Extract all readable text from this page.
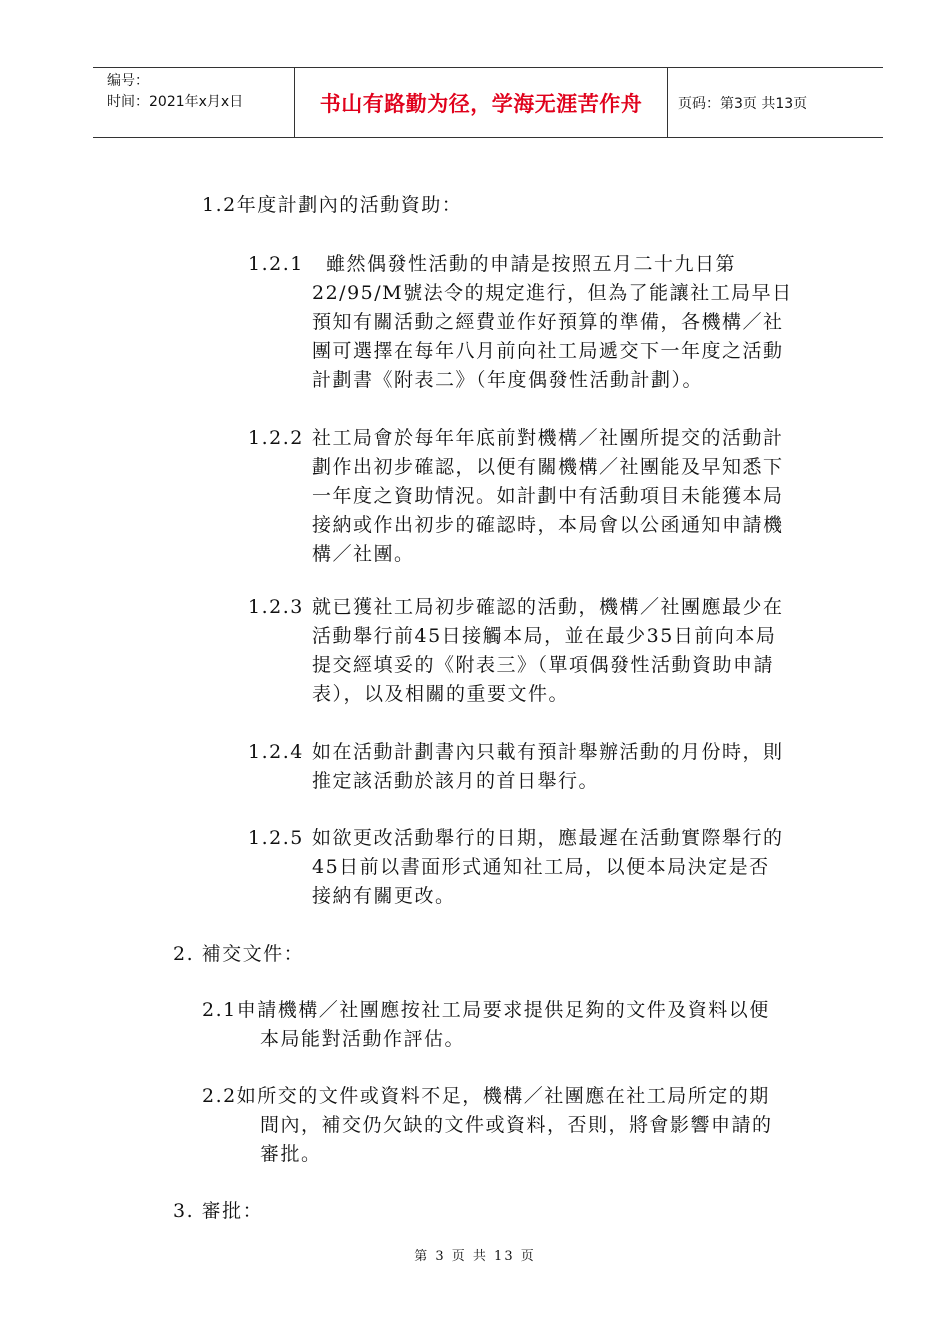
编号：
时间：2021年x月x日	书山有路勤为径，学海无涯苦作舟	页码：第3页 共13页
1.2年度計劃內的活動資助：
1.2.1 雖然偶發性活動的申請是按照五月二十九日第
22/95/M號法令的規定進行，但為了能讓社工局早日
預知有關活動之經費並作好預算的準備，各機構／社
團可選擇在每年八月前向社工局遞交下一年度之活動
計劃書《附表二》（年度偶發性活動計劃）。
1.2.2 社工局會於每年年底前對機構／社團所提交的活動計
劃作出初步確認，以便有關機構／社團能及早知悉下
一年度之資助情況。如計劃中有活動項目未能獲本局
接納或作出初步的確認時，本局會以公函通知申請機
構／社團。
1.2.3 就已獲社工局初步確認的活動，機構／社團應最少在
活動舉行前45日接觸本局，並在最少35日前向本局
提交經填妥的《附表三》（單項偶發性活動資助申請
表），以及相關的重要文件。
1.2.4 如在活動計劃書內只載有預計舉辦活動的月份時，則
推定該活動於該月的首日舉行。
1.2.5 如欲更改活動舉行的日期，應最遲在活動實際舉行的
45日前以書面形式通知社工局，以便本局決定是否
接納有關更改。
2. 補交文件：
2.1申請機構／社團應按社工局要求提供足夠的文件及資料以便
本局能對活動作評估。
2.2如所交的文件或資料不足，機構／社團應在社工局所定的期
間內，補交仍欠缺的文件或資料，否則，將會影響申請的
審批。
3. 審批：
第 3 页 共 13 页
